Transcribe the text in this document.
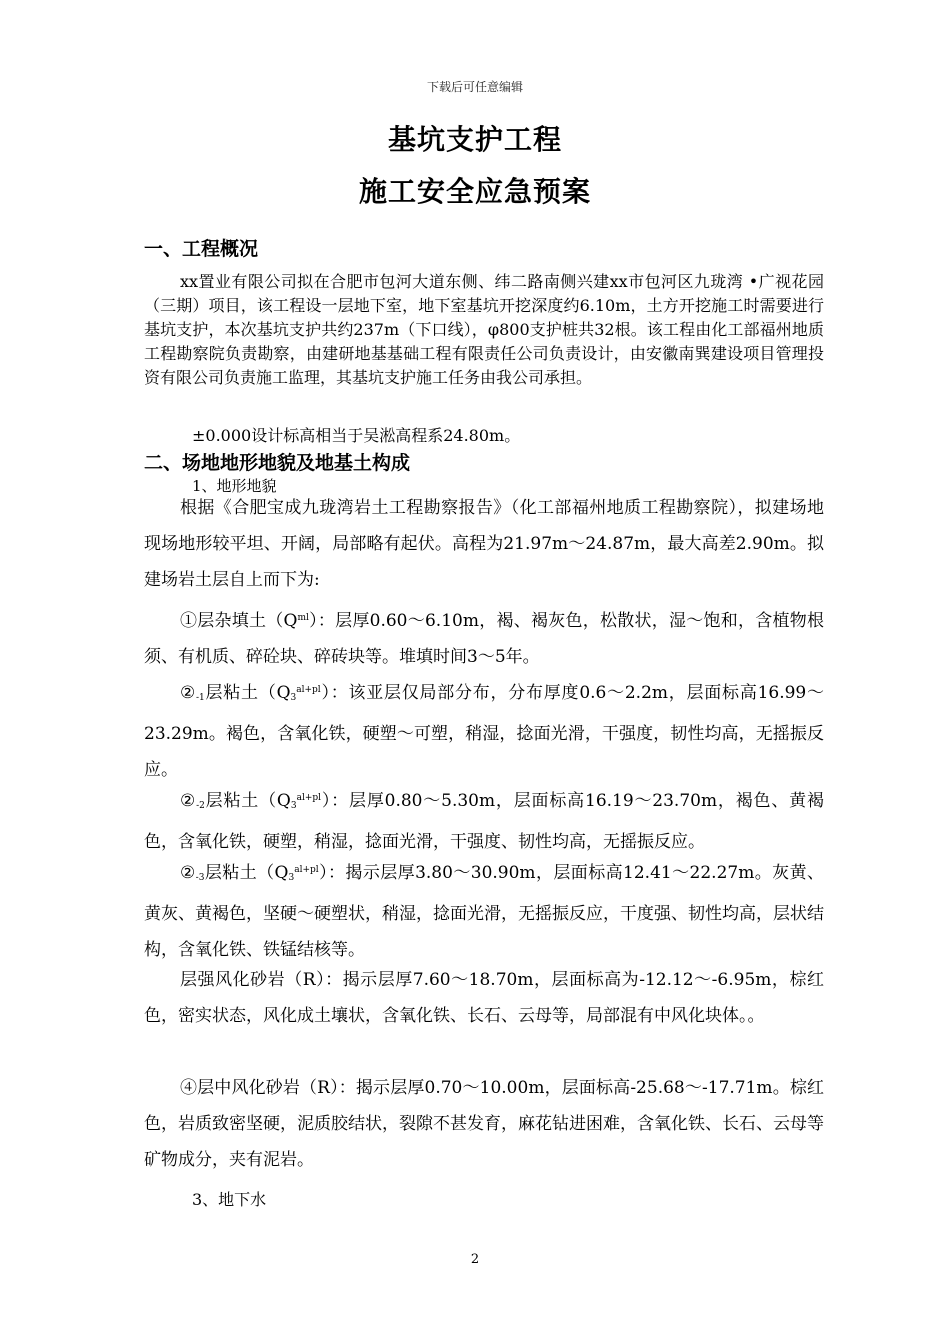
下载后可任意编辑
基坑支护工程
施工安全应急预案
一、工程概况

xx置业有限公司拟在合肥市包河大道东侧、纬二路南侧兴建xx市包河区九珑湾 •广视花园（三期）项目，该工程设一层地下室，地下室基坑开挖深度约6.10m，土方开挖施工时需要进行基坑支护，本次基坑支护共约237m（下口线），φ800支护桩共32根。该工程由化工部福州地质工程勘察院负责勘察，由建研地基基础工程有限责任公司负责设计，由安徽南巽建设项目管理投资有限公司负责施工监理，其基坑支护施工任务由我公司承担。

±0.000设计标高相当于吴淞高程系24.80m。

二、场地地形地貌及地基土构成

1、地形地貌

根据《合肥宝成九珑湾岩土工程勘察报告》（化工部福州地质工程勘察院），拟建场地现场地形较平坦、开阔，局部略有起伏。高程为21.97m～24.87m，最大高差2.90m。拟建场岩土层自上而下为:

①层杂填土$(Q^{ml})$：层厚0.60～6.10m，褐、褐灰色，松散状，湿～饱和，含植物根须、有机质、碎砼块、碎砖块等。堆填时间3～5年。

$②_{-1}$层粘土$(Q_3^{al+pl})$：该亚层仅局部分布，分布厚度0.6～2.2m，层面标高16.99～23.29m。褐色，含氧化铁，硬塑～可塑，稍湿，捻面光滑，干强度，韧性均高，无摇振反应。

$②_{-2}$层粘土$(Q_3^{al+pl})$：层厚0.80～5.30m，层面标高16.19～23.70m，褐色、黄褐色，含氧化铁，硬塑，稍湿，捻面光滑，干强度、韧性均高，无摇振反应。

$②_{-3}$层粘土$(Q_3^{al+pl})$：揭示层厚3.80～30.90m，层面标高12.41～22.27m。灰黄、黄灰、黄褐色，坚硬～硬塑状，稍湿，捻面光滑，无摇振反应，干度强、韧性均高，层状结构，含氧化铁、铁锰结核等。

层强风化砂岩（R）：揭示层厚7.60～18.70m，层面标高为-12.12～-6.95m，棕红色，密实状态，风化成土壤状，含氧化铁、长石、云母等，局部混有中风化块体。。

④层中风化砂岩（R）：揭示层厚0.70～10.00m，层面标高-25.68～-17.71m。棕红色，岩质致密坚硬，泥质胶结状，裂隙不甚发育，麻花钻进困难，含氧化铁、长石、云母等矿物成分，夹有泥岩。

3、地下水

2
